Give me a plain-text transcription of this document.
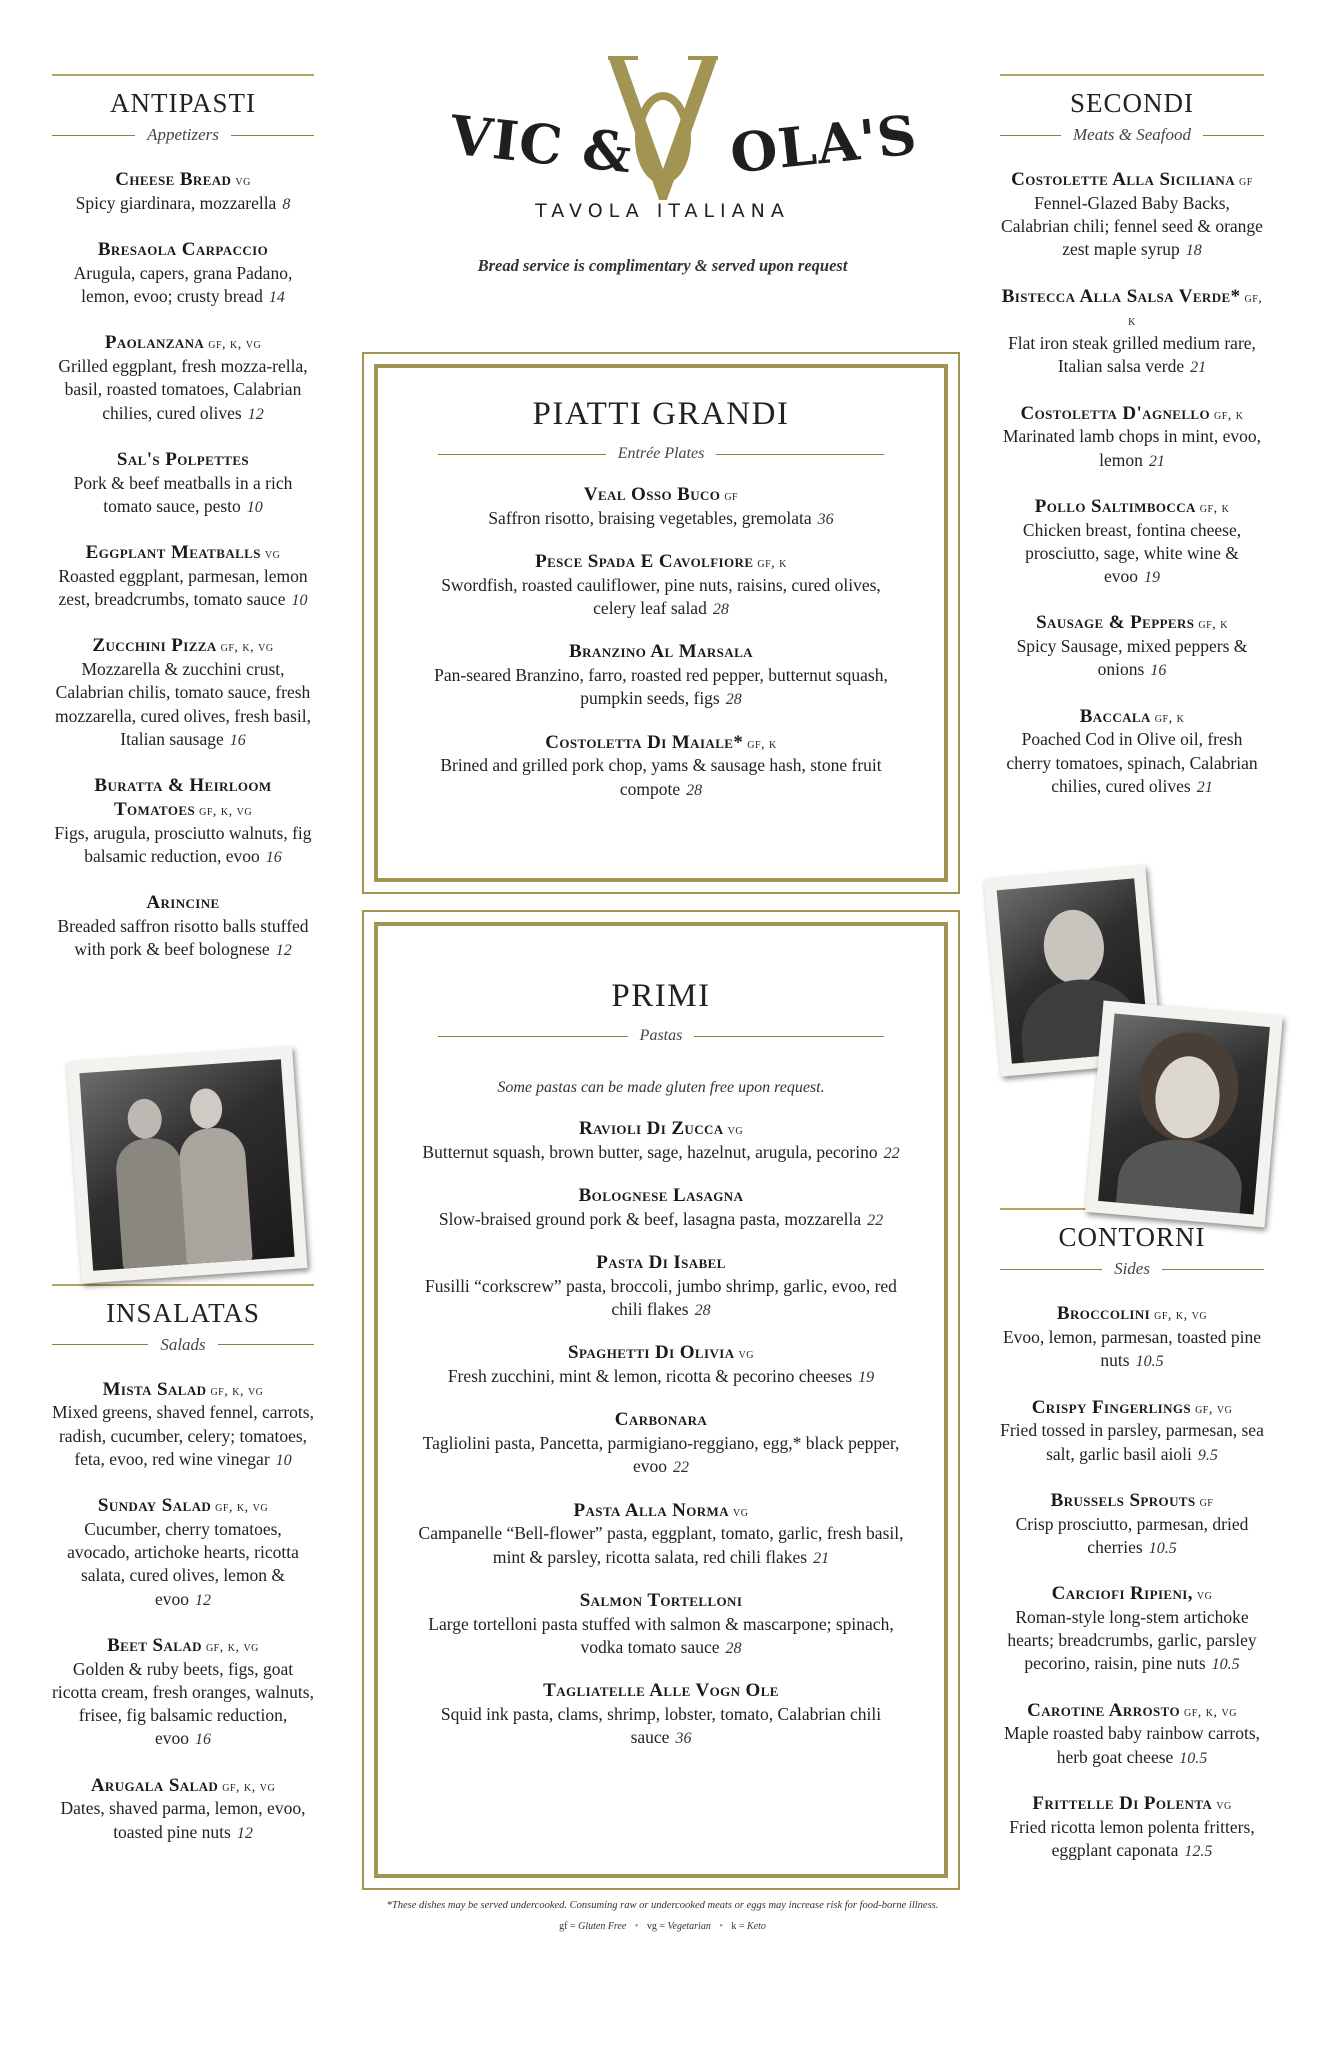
ANTIPASTI
Appetizers
Cheese Bread vg
Spicy giardinara, mozzarella 8
Bresaola Carpaccio
Arugula, capers, grana Padano, lemon, evoo; crusty bread 14
Paolanzana gf, k, vg
Grilled eggplant, fresh mozza-rella, basil, roasted tomatoes, Calabrian chilies, cured olives 12
Sal's Polpettes
Pork & beef meatballs in a rich tomato sauce, pesto 10
Eggplant Meatballs vg
Roasted eggplant, parmesan, lemon zest, breadcrumbs, tomato sauce 10
Zucchini Pizza gf, k, vg
Mozzarella & zucchini crust, Calabrian chilis, tomato sauce, fresh mozzarella, cured olives, fresh basil, Italian sausage 16
Buratta & Heirloom Tomatoes gf, k, vg
Figs, arugula, prosciutto walnuts, fig balsamic reduction, evoo 16
Arincine
Breaded saffron risotto balls stuffed with pork & beef bolognese 12
INSALATAS
Salads
Mista Salad gf, k, vg
Mixed greens, shaved fennel, carrots, radish, cucumber, celery; tomatoes, feta, evoo, red wine vinegar 10
Sunday Salad gf, k, vg
Cucumber, cherry tomatoes, avocado, artichoke hearts, ricotta salata, cured olives, lemon & evoo 12
Beet Salad gf, k, vg
Golden & ruby beets, figs, goat ricotta cream, fresh oranges, walnuts, frisee, fig balsamic reduction, evoo 16
Arugala Salad gf, k, vg
Dates, shaved parma, lemon, evoo, toasted pine nuts 12
VIC & OLA'S
TAVOLA ITALIANA
Bread service is complimentary & served upon request
PIATTI GRANDI
Entrée Plates
Veal Osso Buco gf
Saffron risotto, braising vegetables, gremolata 36
Pesce Spada E Cavolfiore gf, k
Swordfish, roasted cauliflower, pine nuts, raisins, cured olives, celery leaf salad 28
Branzino Al Marsala
Pan-seared Branzino, farro, roasted red pepper, butternut squash, pumpkin seeds, figs 28
Costoletta Di Maiale* gf, k
Brined and grilled pork chop, yams & sausage hash, stone fruit compote 28
PRIMI
Pastas
Some pastas can be made gluten free upon request.
Ravioli Di Zucca vg
Butternut squash, brown butter, sage, hazelnut, arugula, pecorino 22
Bolognese Lasagna
Slow-braised ground pork & beef, lasagna pasta, mozzarella 22
Pasta Di Isabel
Fusilli “corkscrew” pasta, broccoli, jumbo shrimp, garlic, evoo, red chili flakes 28
Spaghetti Di Olivia vg
Fresh zucchini, mint & lemon, ricotta & pecorino cheeses 19
Carbonara
Tagliolini pasta, Pancetta, parmigiano-reggiano, egg,* black pepper, evoo 22
Pasta Alla Norma vg
Campanelle “Bell-flower” pasta, eggplant, tomato, garlic, fresh basil, mint & parsley, ricotta salata, red chili flakes 21
Salmon Tortelloni
Large tortelloni pasta stuffed with salmon & mascarpone; spinach, vodka tomato sauce 28
Tagliatelle Alle Vogn Ole
Squid ink pasta, clams, shrimp, lobster, tomato, Calabrian chili sauce 36
SECONDI
Meats & Seafood
Costolette Alla Siciliana gf
Fennel-Glazed Baby Backs, Calabrian chili; fennel seed & orange zest maple syrup 18
Bistecca Alla Salsa Verde* gf, k
Flat iron steak grilled medium rare, Italian salsa verde 21
Costoletta D'agnello gf, k
Marinated lamb chops in mint, evoo, lemon 21
Pollo Saltimbocca gf, k
Chicken breast, fontina cheese, prosciutto, sage, white wine & evoo 19
Sausage & Peppers gf, k
Spicy Sausage, mixed peppers & onions 16
Baccala gf, k
Poached Cod in Olive oil, fresh cherry tomatoes, spinach, Calabrian chilies, cured olives 21
CONTORNI
Sides
Broccolini gf, k, vg
Evoo, lemon, parmesan, toasted pine nuts 10.5
Crispy Fingerlings gf, vg
Fried tossed in parsley, parmesan, sea salt, garlic basil aioli 9.5
Brussels Sprouts gf
Crisp prosciutto, parmesan, dried cherries 10.5
Carciofi Ripieni, vg
Roman-style long-stem artichoke hearts; breadcrumbs, garlic, parsley pecorino, raisin, pine nuts 10.5
Carotine Arrosto gf, k, vg
Maple roasted baby rainbow carrots, herb goat cheese 10.5
Frittelle Di Polenta vg
Fried ricotta lemon polenta fritters, eggplant caponata 12.5
*These dishes may be served undercooked. Consuming raw or undercooked meats or eggs may increase risk for food-borne illness.
gf = Gluten Free • vg = Vegetarian • k = Keto
